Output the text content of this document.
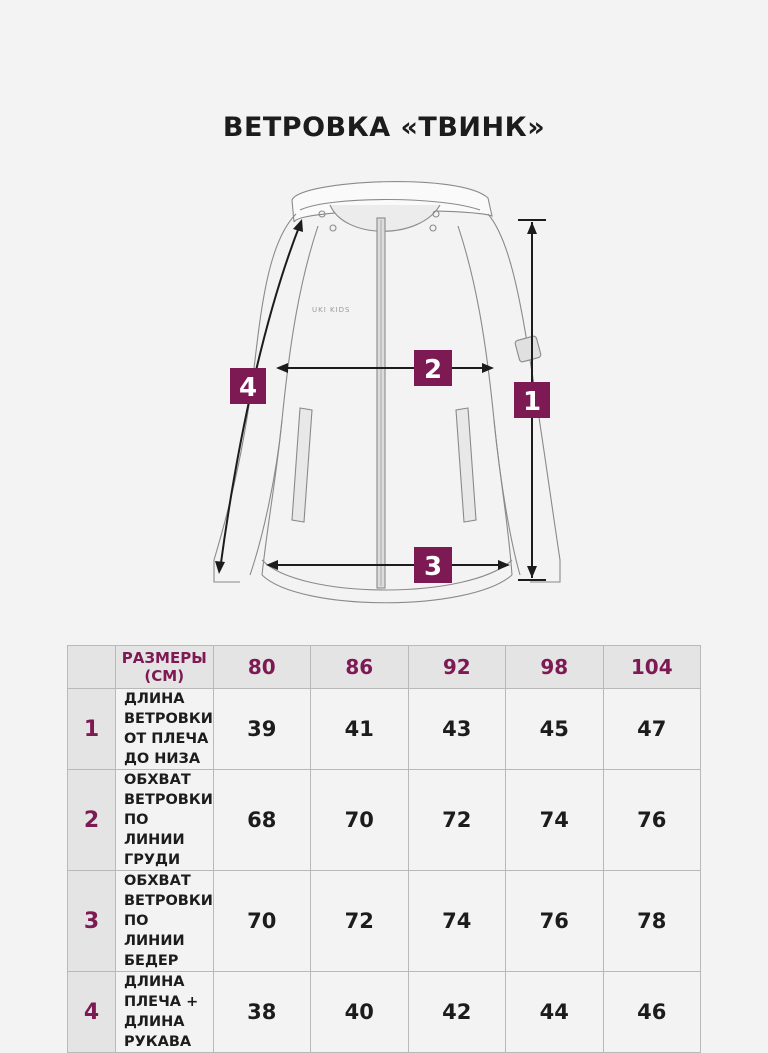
ВЕТРОВКА «ТВИНК»
UKI KIDS
1
2
3
4
	РАЗМЕРЫ (СМ)	80	86	92	98	104
1	ДЛИНА ВЕТРОВКИ ОТ ПЛЕЧА ДО НИЗА	39	41	43	45	47
2	ОБХВАТ ВЕТРОВКИ ПО ЛИНИИ ГРУДИ	68	70	72	74	76
3	ОБХВАТ ВЕТРОВКИ ПО ЛИНИИ БЕДЕР	70	72	74	76	78
4	ДЛИНА ПЛЕЧА + ДЛИНА РУКАВА	38	40	42	44	46
